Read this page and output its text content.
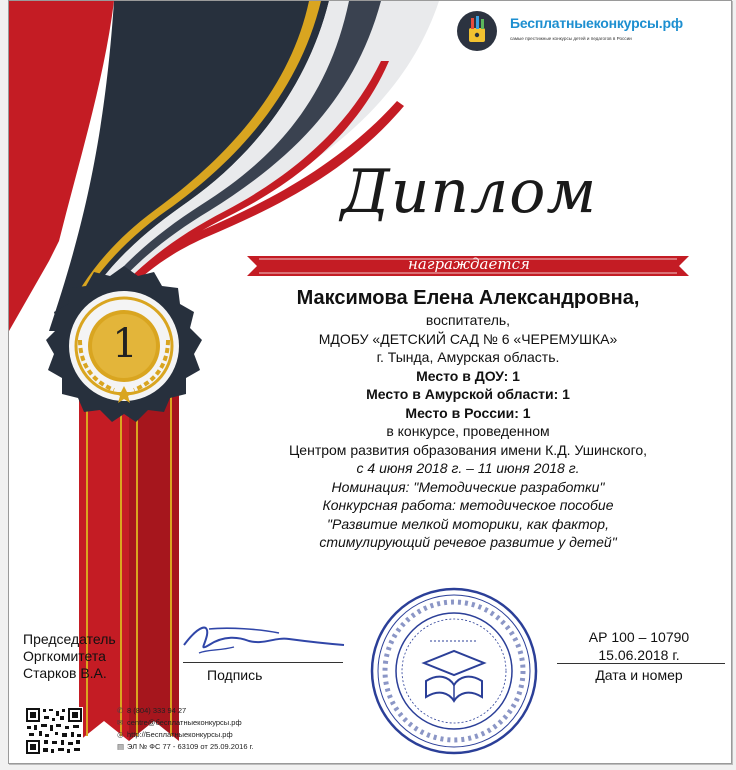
1
Бесплатныеконкурсы.рф
самые престижные конкурсы детей и педагогов в России
Диплом
награждается
Максимова Елена Александровна,
воспитатель,
МДОБУ «ДЕТСКИЙ САД № 6 «ЧЕРЕМУШКА»
г. Тында, Амурская область.
Место в ДОУ: 1
Место в Амурской области: 1
Место в России: 1
в конкурсе, проведенном
Центром развития образования имени К.Д. Ушинского,
с 4 июня 2018 г. – 11 июня 2018 г.
Номинация: "Методические разработки"
Конкурсная работа: методическое пособие
"Развитие мелкой моторики, как фактор,
стимулирующий речевое развитие у детей"
Председатель
Оргкомитета
Старков В.А.	Подпись
АР 100 – 10790
15.06.2018 г.
Дата и номер
✆ 8 (804) 333 94 27
✉ centre@бесплатныеконкурсы.рф
◎ http://Бесплатныеконкурсы.рф
▤ ЭЛ № ФС 77 - 63109 от 25.09.2016 г.
